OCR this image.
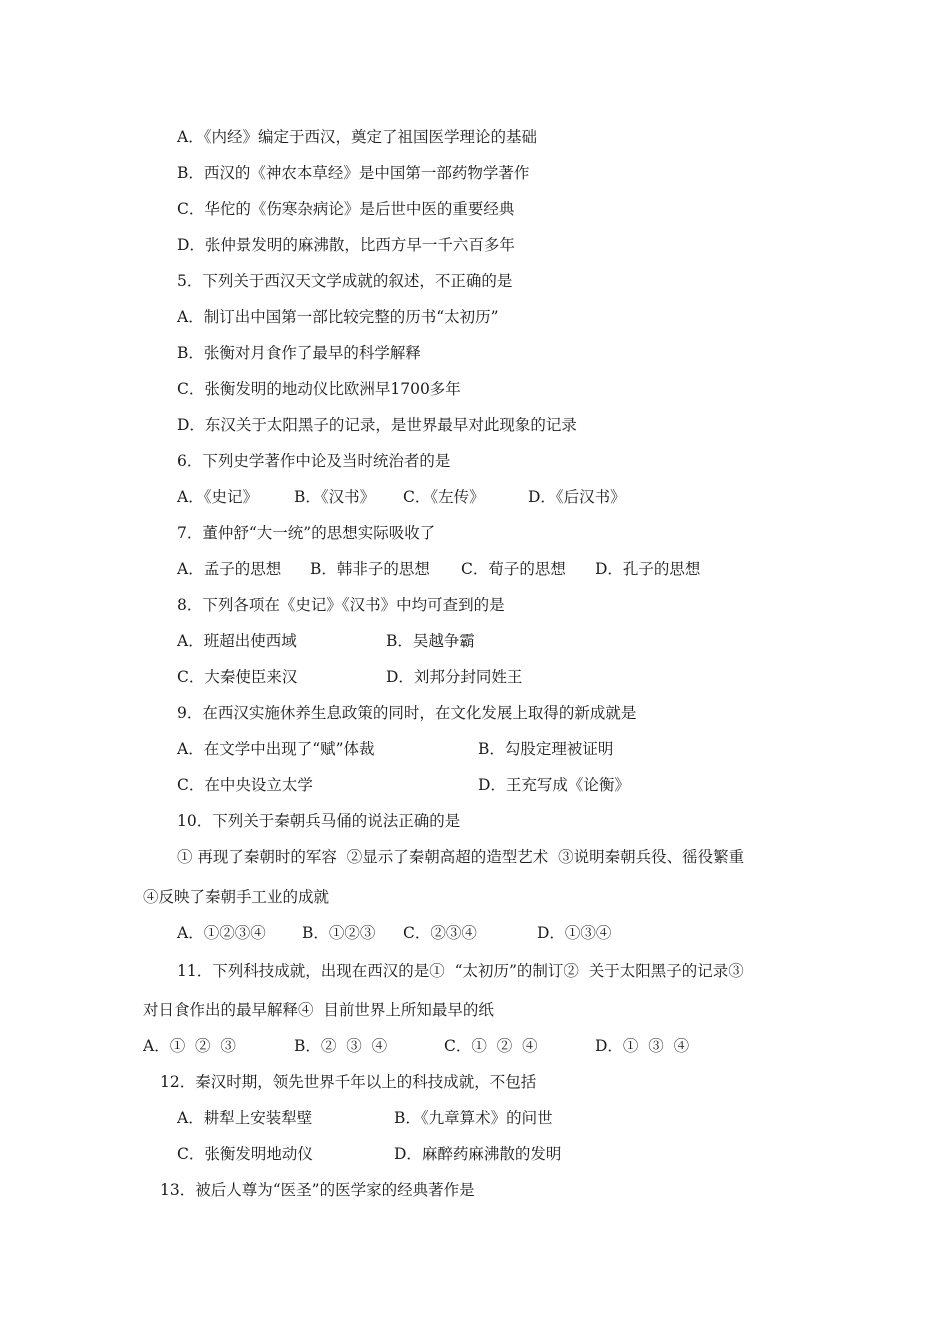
A．《内经》编定于西汉，奠定了祖国医学理论的基础
B．西汉的《神农本草经》是中国第一部药物学著作
C．华佗的《伤寒杂病论》是后世中医的重要经典
D．张仲景发明的麻沸散，比西方早一千六百多年
5．下列关于西汉天文学成就的叙述，不正确的是
A．制订出中国第一部比较完整的历书“太初历”
B．张衡对月食作了最早的科学解释
C．张衡发明的地动仪比欧洲早1700多年
D．东汉关于太阳黑子的记录，是世界最早对此现象的记录
6．下列史学著作中论及当时统治者的是
A．《史记》 B．《汉书》 C．《左传》	D．《后汉书》
7．董仲舒“大一统”的思想实际吸收了
A．孟子的思想 B．韩非子的思想 C．荀子的思想 D．孔子的思想
8．下列各项在《史记》《汉书》中均可查到的是
A．班超出使西域	B．吴越争霸
C．大秦使臣来汉	D．刘邦分封同姓王
9．在西汉实施休养生息政策的同时，在文化发展上取得的新成就是
A．在文学中出现了“赋”体裁	B．勾股定理被证明
C．在中央设立太学	D．王充写成《论衡》
10．下列关于秦朝兵马俑的说法正确的是
① 再现了秦朝时的军容  ②显示了秦朝高超的造型艺术  ③说明秦朝兵役、徭役繁重
④反映了秦朝手工业的成就
A．①②③④ B．①②③ C．②③④	D．①③④
11．下列科技成就，出现在西汉的是①  “太初历”的制订②  关于太阳黑子的记录③
对日食作出的最早解释④  目前世界上所知最早的纸
A．①  ②  ③	B．②  ③  ④	C．①  ②  ④	D．①  ③  ④
12．秦汉时期，领先世界千年以上的科技成就，不包括
A．耕犁上安装犁壁	B．《九章算术》的问世
C．张衡发明地动仪	D．麻醉药麻沸散的发明
13．被后人尊为“医圣”的医学家的经典著作是
